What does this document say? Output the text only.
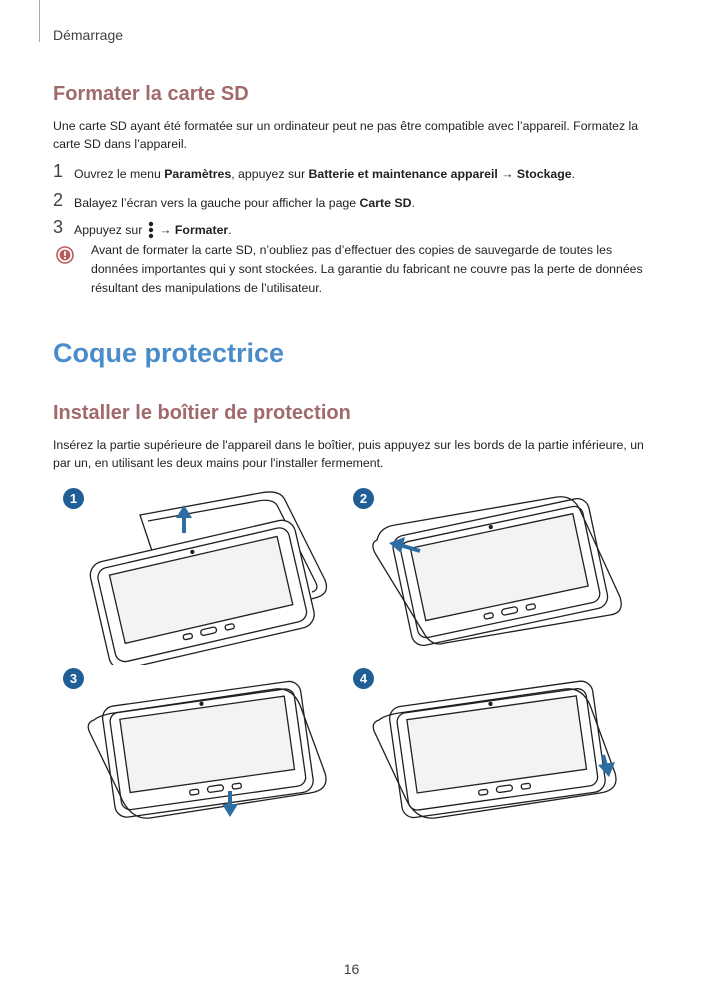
Démarrage
Formater la carte SD
Une carte SD ayant été formatée sur un ordinateur peut ne pas être compatible avec l’appareil. Formatez la
carte SD dans l’appareil.
1 Ouvrez le menu Paramètres, appuyez sur Batterie et maintenance appareil → Stockage.
2 Balayez l’écran vers la gauche pour afficher la page Carte SD.
3 Appuyez sur  → Formater.
Avant de formater la carte SD, n’oubliez pas d’effectuer des copies de sauvegarde de toutes les
données importantes qui y sont stockées. La garantie du fabricant ne couvre pas la perte de données
résultant des manipulations de l’utilisateur.
Coque protectrice
Installer le boîtier de protection
Insérez la partie supérieure de l'appareil dans le boîtier, puis appuyez sur les bords de la partie inférieure, un
par un, en utilisant les deux mains pour l'installer fermement.
1	2
3	4
16
